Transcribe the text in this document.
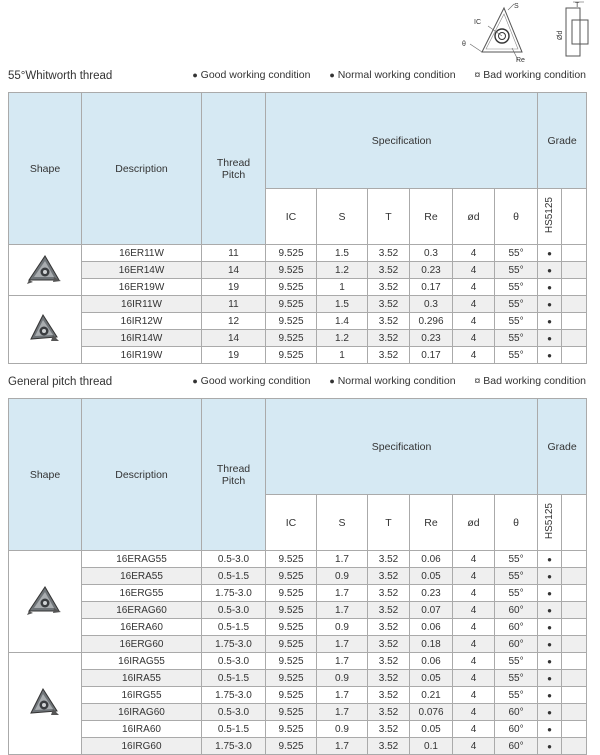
IC
S
θ
Re
T
Ød
55°Whitworth thread	● Good working condition ● Normal working condition ¤ Bad working condition
Shape	Description	Thread
Pitch	Specification						Grade	
			IC	S	T	Re	ød	θ	HS5125	
	16ER11W	11	9.525	1.5	3.52	0.3	4	55°	●	
	16ER14W	14	9.525	1.2	3.52	0.23	4	55°	●	
	16ER19W	19	9.525	1	3.52	0.17	4	55°	●	
	16IR11W	11	9.525	1.5	3.52	0.3	4	55°	●	
	16IR12W	12	9.525	1.4	3.52	0.296	4	55°	●	
	16IR14W	14	9.525	1.2	3.52	0.23	4	55°	●	
	16IR19W	19	9.525	1	3.52	0.17	4	55°	●	
General pitch thread	● Good working condition ● Normal working condition ¤ Bad working condition
Shape	Description	Thread
Pitch	Specification						Grade	
			IC	S	T	Re	ød	θ	HS5125	
	16ERAG55	0.5-3.0	9.525	1.7	3.52	0.06	4	55°	●	
	16ERA55	0.5-1.5	9.525	0.9	3.52	0.05	4	55°	●	
	16ERG55	1.75-3.0	9.525	1.7	3.52	0.23	4	55°	●	
	16ERAG60	0.5-3.0	9.525	1.7	3.52	0.07	4	60°	●	
	16ERA60	0.5-1.5	9.525	0.9	3.52	0.06	4	60°	●	
	16ERG60	1.75-3.0	9.525	1.7	3.52	0.18	4	60°	●	
	16IRAG55	0.5-3.0	9.525	1.7	3.52	0.06	4	55°	●	
	16IRA55	0.5-1.5	9.525	0.9	3.52	0.05	4	55°	●	
	16IRG55	1.75-3.0	9.525	1.7	3.52	0.21	4	55°	●	
	16IRAG60	0.5-3.0	9.525	1.7	3.52	0.076	4	60°	●	
	16IRA60	0.5-1.5	9.525	0.9	3.52	0.05	4	60°	●	
	16IRG60	1.75-3.0	9.525	1.7	3.52	0.1	4	60°	●	
